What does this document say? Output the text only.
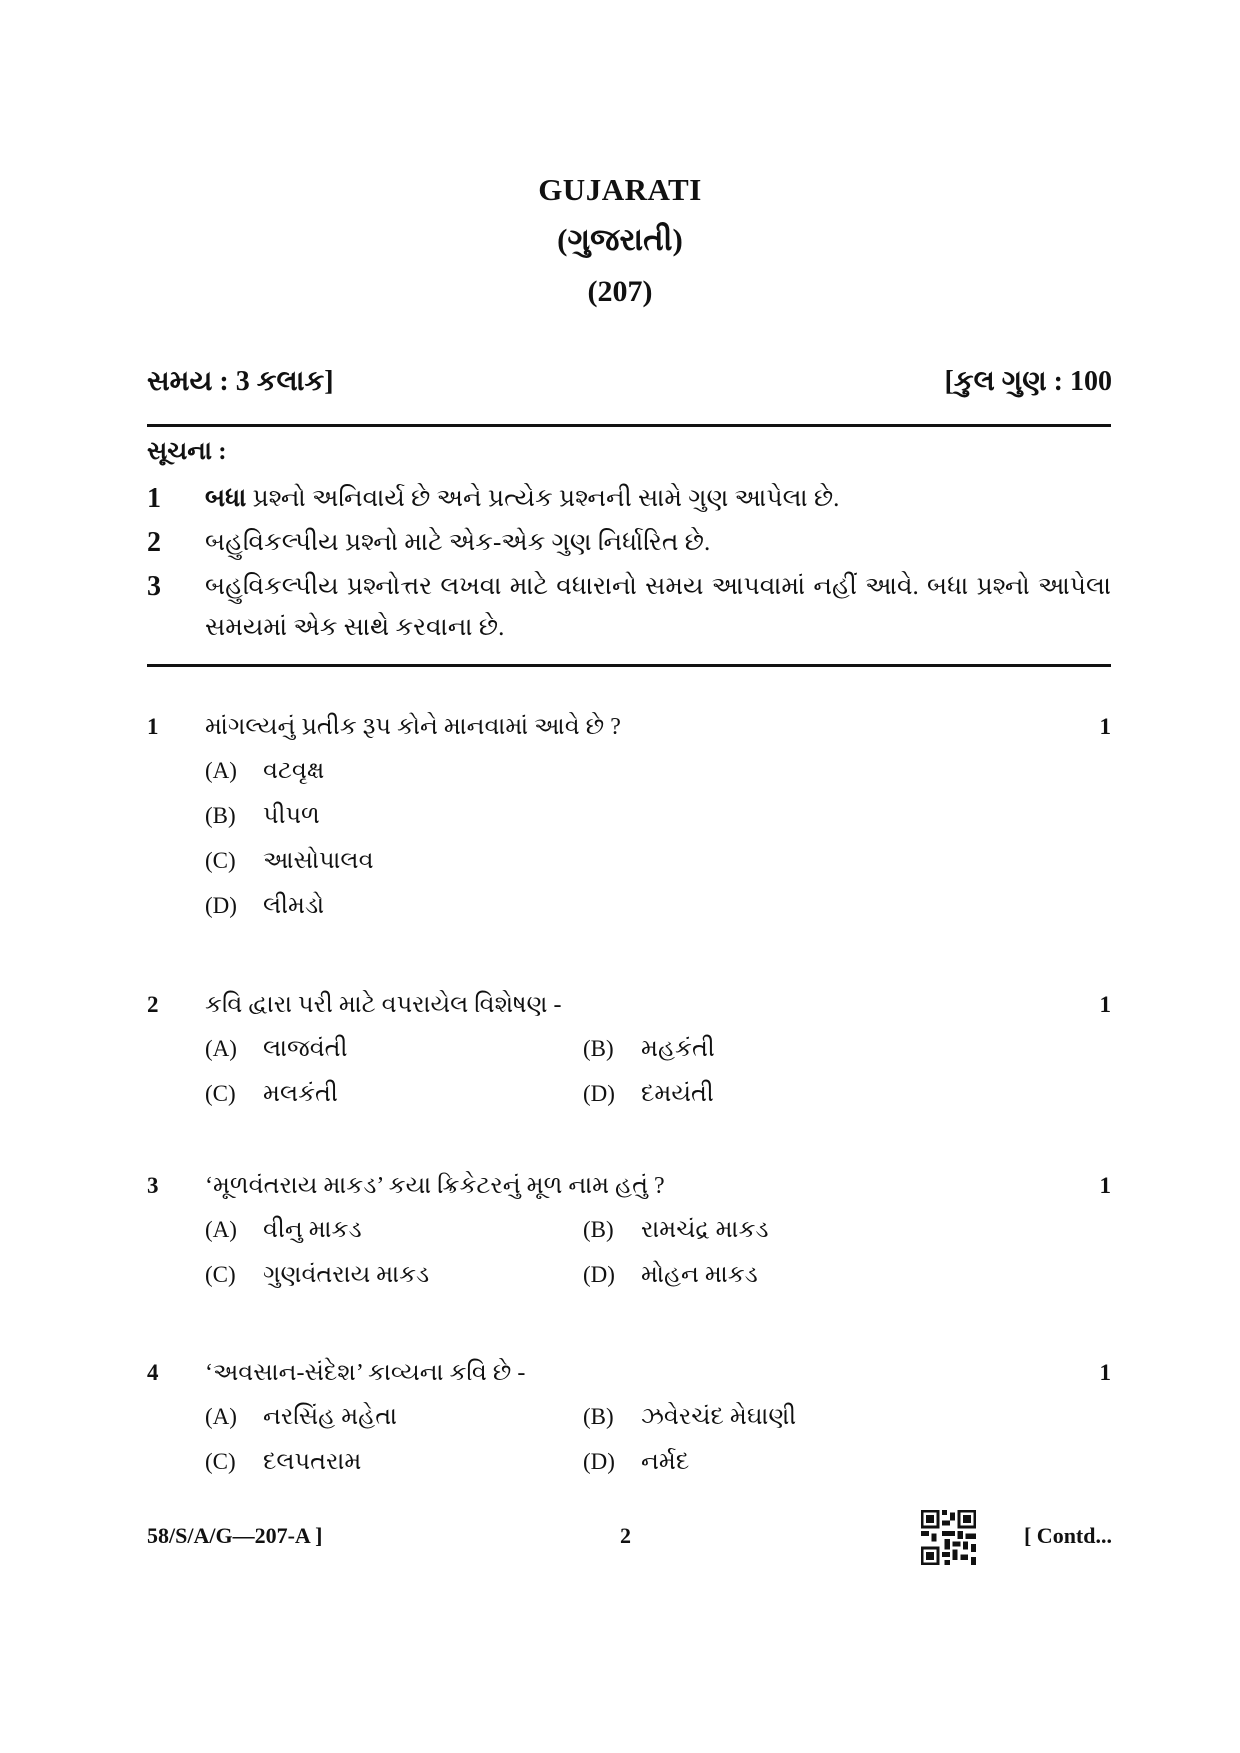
GUJARATI
(ગુજરાતી)
(207)
સમય : 3 કલાક]	[કુલ ગુણ : 100
સૂચના :
1 બધા પ્રશ્નો અનિવાર્ય છે અને પ્રત્યેક પ્રશ્નની સામે ગુણ આપેલા છે.
2 બહુવિકલ્પીય પ્રશ્નો માટે એક-એક ગુણ નિર્ધારિત છે.
3 બહુવિકલ્પીય પ્રશ્નોત્તર લખવા માટે વધારાનો સમય આપવામાં નહીં આવે. બધા પ્રશ્નો આપેલા સમયમાં એક સાથે કરવાના છે.
1 માંગલ્યનું પ્રતીક રૂપ કોને માનવામાં આવે છે ?	1
(A) વટવૃક્ષ
(B) પીપળ
(C) આસોપાલવ
(D) લીમડો
2 કવિ દ્વારા પરી માટે વપરાયેલ વિશેષણ -	1
(A) લાજવંતી	(B) મહકંતી
(C) મલકંતી	(D) દમયંતી
3 ‘મૂળવંતરાય માકડ’ કયા ક્રિકેટરનું મૂળ નામ હતું ?	1
(A) વીનુ માકડ	(B) રામચંદ્ર માકડ
(C) ગુણવંતરાય માકડ	(D) મોહન માકડ
4 ‘અવસાન-સંદેશ’ કાવ્યના કવિ છે -	1
(A) નરસિંહ મહેતા	(B) ઝવેરચંદ મેઘાણી
(C) દલપતરામ	(D) નર્મદ
58/S/A/G—207-A ]	2	[ Contd...
